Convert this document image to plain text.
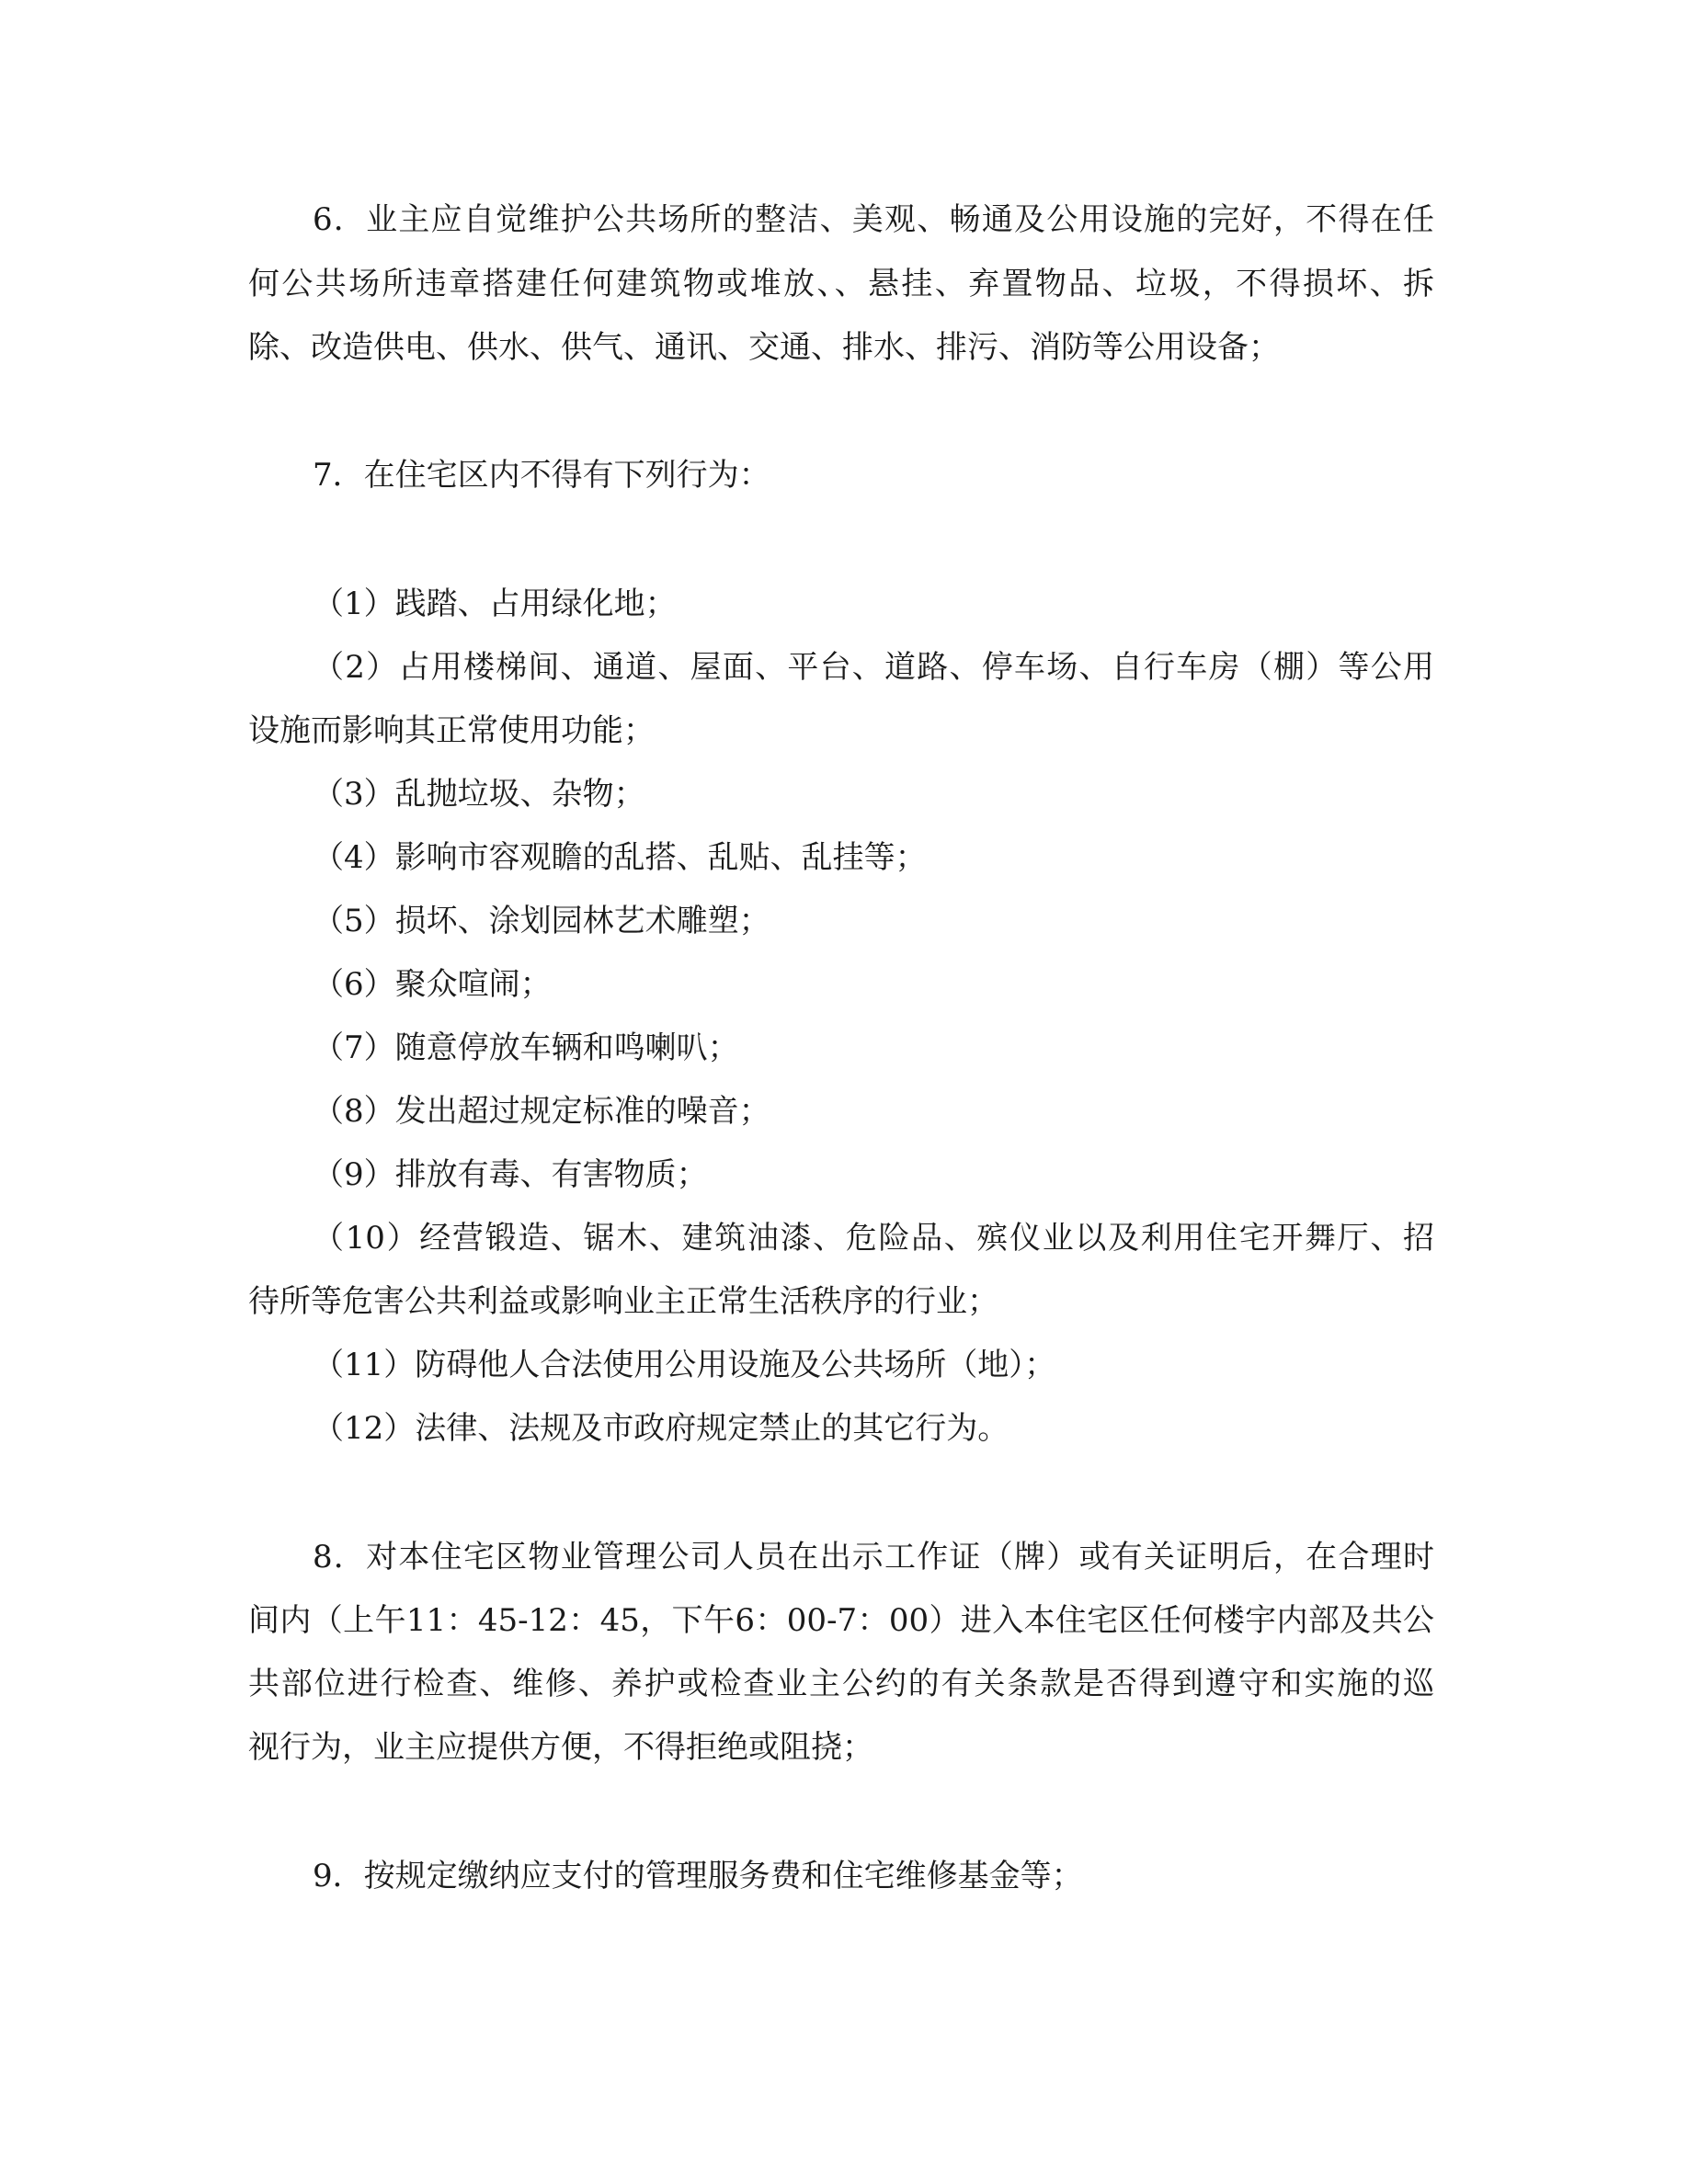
6．业主应自觉维护公共场所的整洁、美观、畅通及公用设施的完好，不得在任
何公共场所违章搭建任何建筑物或堆放、、悬挂、弃置物品、垃圾，不得损坏、拆
除、改造供电、供水、供气、通讯、交通、排水、排污、消防等公用设备；
7．在住宅区内不得有下列行为：
（1）践踏、占用绿化地；
（2）占用楼梯间、通道、屋面、平台、道路、停车场、自行车房（棚）等公用
设施而影响其正常使用功能；
（3）乱抛垃圾、杂物；
（4）影响市容观瞻的乱搭、乱贴、乱挂等；
（5）损坏、涂划园林艺术雕塑；
（6）聚众喧闹；
（7）随意停放车辆和鸣喇叭；
（8）发出超过规定标准的噪音；
（9）排放有毒、有害物质；
（10）经营锻造、锯木、建筑油漆、危险品、殡仪业以及利用住宅开舞厅、招
待所等危害公共利益或影响业主正常生活秩序的行业；
（11）防碍他人合法使用公用设施及公共场所（地）；
（12）法律、法规及市政府规定禁止的其它行为。
8．对本住宅区物业管理公司人员在出示工作证（牌）或有关证明后，在合理时
间内（上午11：45-12：45，下午6：00-7：00）进入本住宅区任何楼宇内部及共公
共部位进行检查、维修、养护或检查业主公约的有关条款是否得到遵守和实施的巡
视行为，业主应提供方便，不得拒绝或阻挠；
9．按规定缴纳应支付的管理服务费和住宅维修基金等；
